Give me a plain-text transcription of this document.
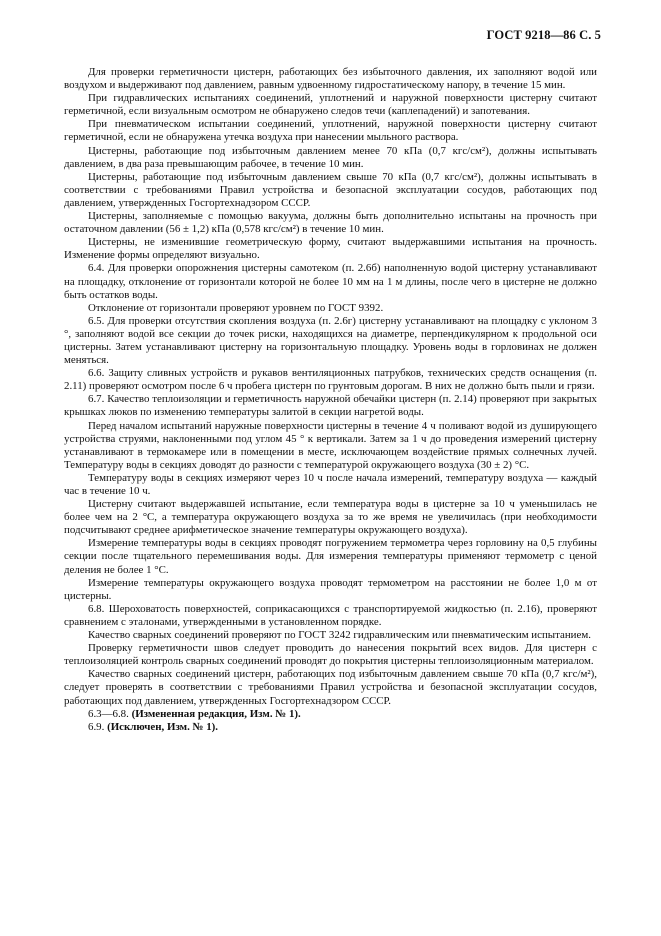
ГОСТ 9218—86 С. 5

Для проверки герметичности цистерн, работающих без избыточного давления, их заполняют водой или воздухом и выдерживают под давлением, равным удвоенному гидростатическому напору, в течение 15 мин.

При гидравлических испытаниях соединений, уплотнений и наружной поверхности цистерну считают герметичной, если визуальным осмотром не обнаружено следов течи (каплепадений) и запотевания.

При пневматическом испытании соединений, уплотнений, наружной поверхности цистерну считают герметичной, если не обнаружена утечка воздуха при нанесении мыльного раствора.

Цистерны, работающие под избыточным давлением менее 70 кПа (0,7 кгс/см²), должны испытывать давлением, в два раза превышающим рабочее, в течение 10 мин.

Цистерны, работающие под избыточным давлением свыше 70 кПа (0,7 кгс/см²), должны испытывать в соответствии с требованиями Правил устройства и безопасной эксплуатации сосудов, работающих под давлением, утвержденных Госгортехнадзором СССР.

Цистерны, заполняемые с помощью вакуума, должны быть дополнительно испытаны на прочность при остаточном давлении (56 ± 1,2) кПа (0,578 кгс/см²) в течение 10 мин.

Цистерны, не изменившие геометрическую форму, считают выдержавшими испытания на прочность. Изменение формы определяют визуально.

6.4. Для проверки опорожнения цистерны самотеком (п. 2.6б) наполненную водой цистерну устанавливают на площадку, отклонение от горизонтали которой не более 10 мм на 1 м длины, после чего в цистерне не должно быть остатков воды.

Отклонение от горизонтали проверяют уровнем по ГОСТ 9392.

6.5. Для проверки отсутствия скопления воздуха (п. 2.6г) цистерну устанавливают на площадку с уклоном 3 °, заполняют водой все секции до точек риски, находящихся на диаметре, перпендикулярном к продольной оси цистерны. Затем устанавливают цистерну на горизонтальную площадку. Уровень воды в горловинах не должен меняться.

6.6. Защиту сливных устройств и рукавов вентиляционных патрубков, технических средств оснащения (п. 2.11) проверяют осмотром после 6 ч пробега цистерн по грунтовым дорогам. В них не должно быть пыли и грязи.

6.7. Качество теплоизоляции и герметичность наружной обечайки цистерн (п. 2.14) проверяют при закрытых крышках люков по изменению температуры залитой в секции нагретой воды.

Перед началом испытаний наружные поверхности цистерны в течение 4 ч поливают водой из душирующего устройства струями, наклоненными под углом 45 ° к вертикали. Затем за 1 ч до проведения измерений цистерну устанавливают в термокамере или в помещении в месте, исключающем воздействие прямых солнечных лучей. Температуру воды в секциях доводят до разности с температурой окружающего воздуха (30 ± 2) °С.

Температуру воды в секциях измеряют через 10 ч после начала измерений, температуру воздуха — каждый час в течение 10 ч.

Цистерну считают выдержавшей испытание, если температура воды в цистерне за 10 ч уменьшилась не более чем на 2 °С, а температура окружающего воздуха за то же время не увеличилась (при необходимости подсчитывают среднее арифметическое значение температуры окружающего воздуха).

Измерение температуры воды в секциях проводят погружением термометра через горловину на 0,5 глубины секции после тщательного перемешивания воды. Для измерения температуры применяют термометр с ценой деления не более 1 °С.

Измерение температуры окружающего воздуха проводят термометром на расстоянии не более 1,0 м от цистерны.

6.8. Шероховатость поверхностей, соприкасающихся с транспортируемой жидкостью (п. 2.16), проверяют сравнением с эталонами, утвержденными в установленном порядке.

Качество сварных соединений проверяют по ГОСТ 3242 гидравлическим или пневматическим испытанием.

Проверку герметичности швов следует проводить до нанесения покрытий всех видов. Для цистерн с теплоизоляцией контроль сварных соединений проводят до покрытия цистерны теплоизоляционным материалом.

Качество сварных соединений цистерн, работающих под избыточным давлением свыше 70 кПа (0,7 кгс/м²), следует проверять в соответствии с требованиями Правил устройства и безопасной эксплуатации сосудов, работающих под давлением, утвержденных Госгортехнадзором СССР.

6.3—6.8. (Измененная редакция, Изм. № 1).

6.9. (Исключен, Изм. № 1).
